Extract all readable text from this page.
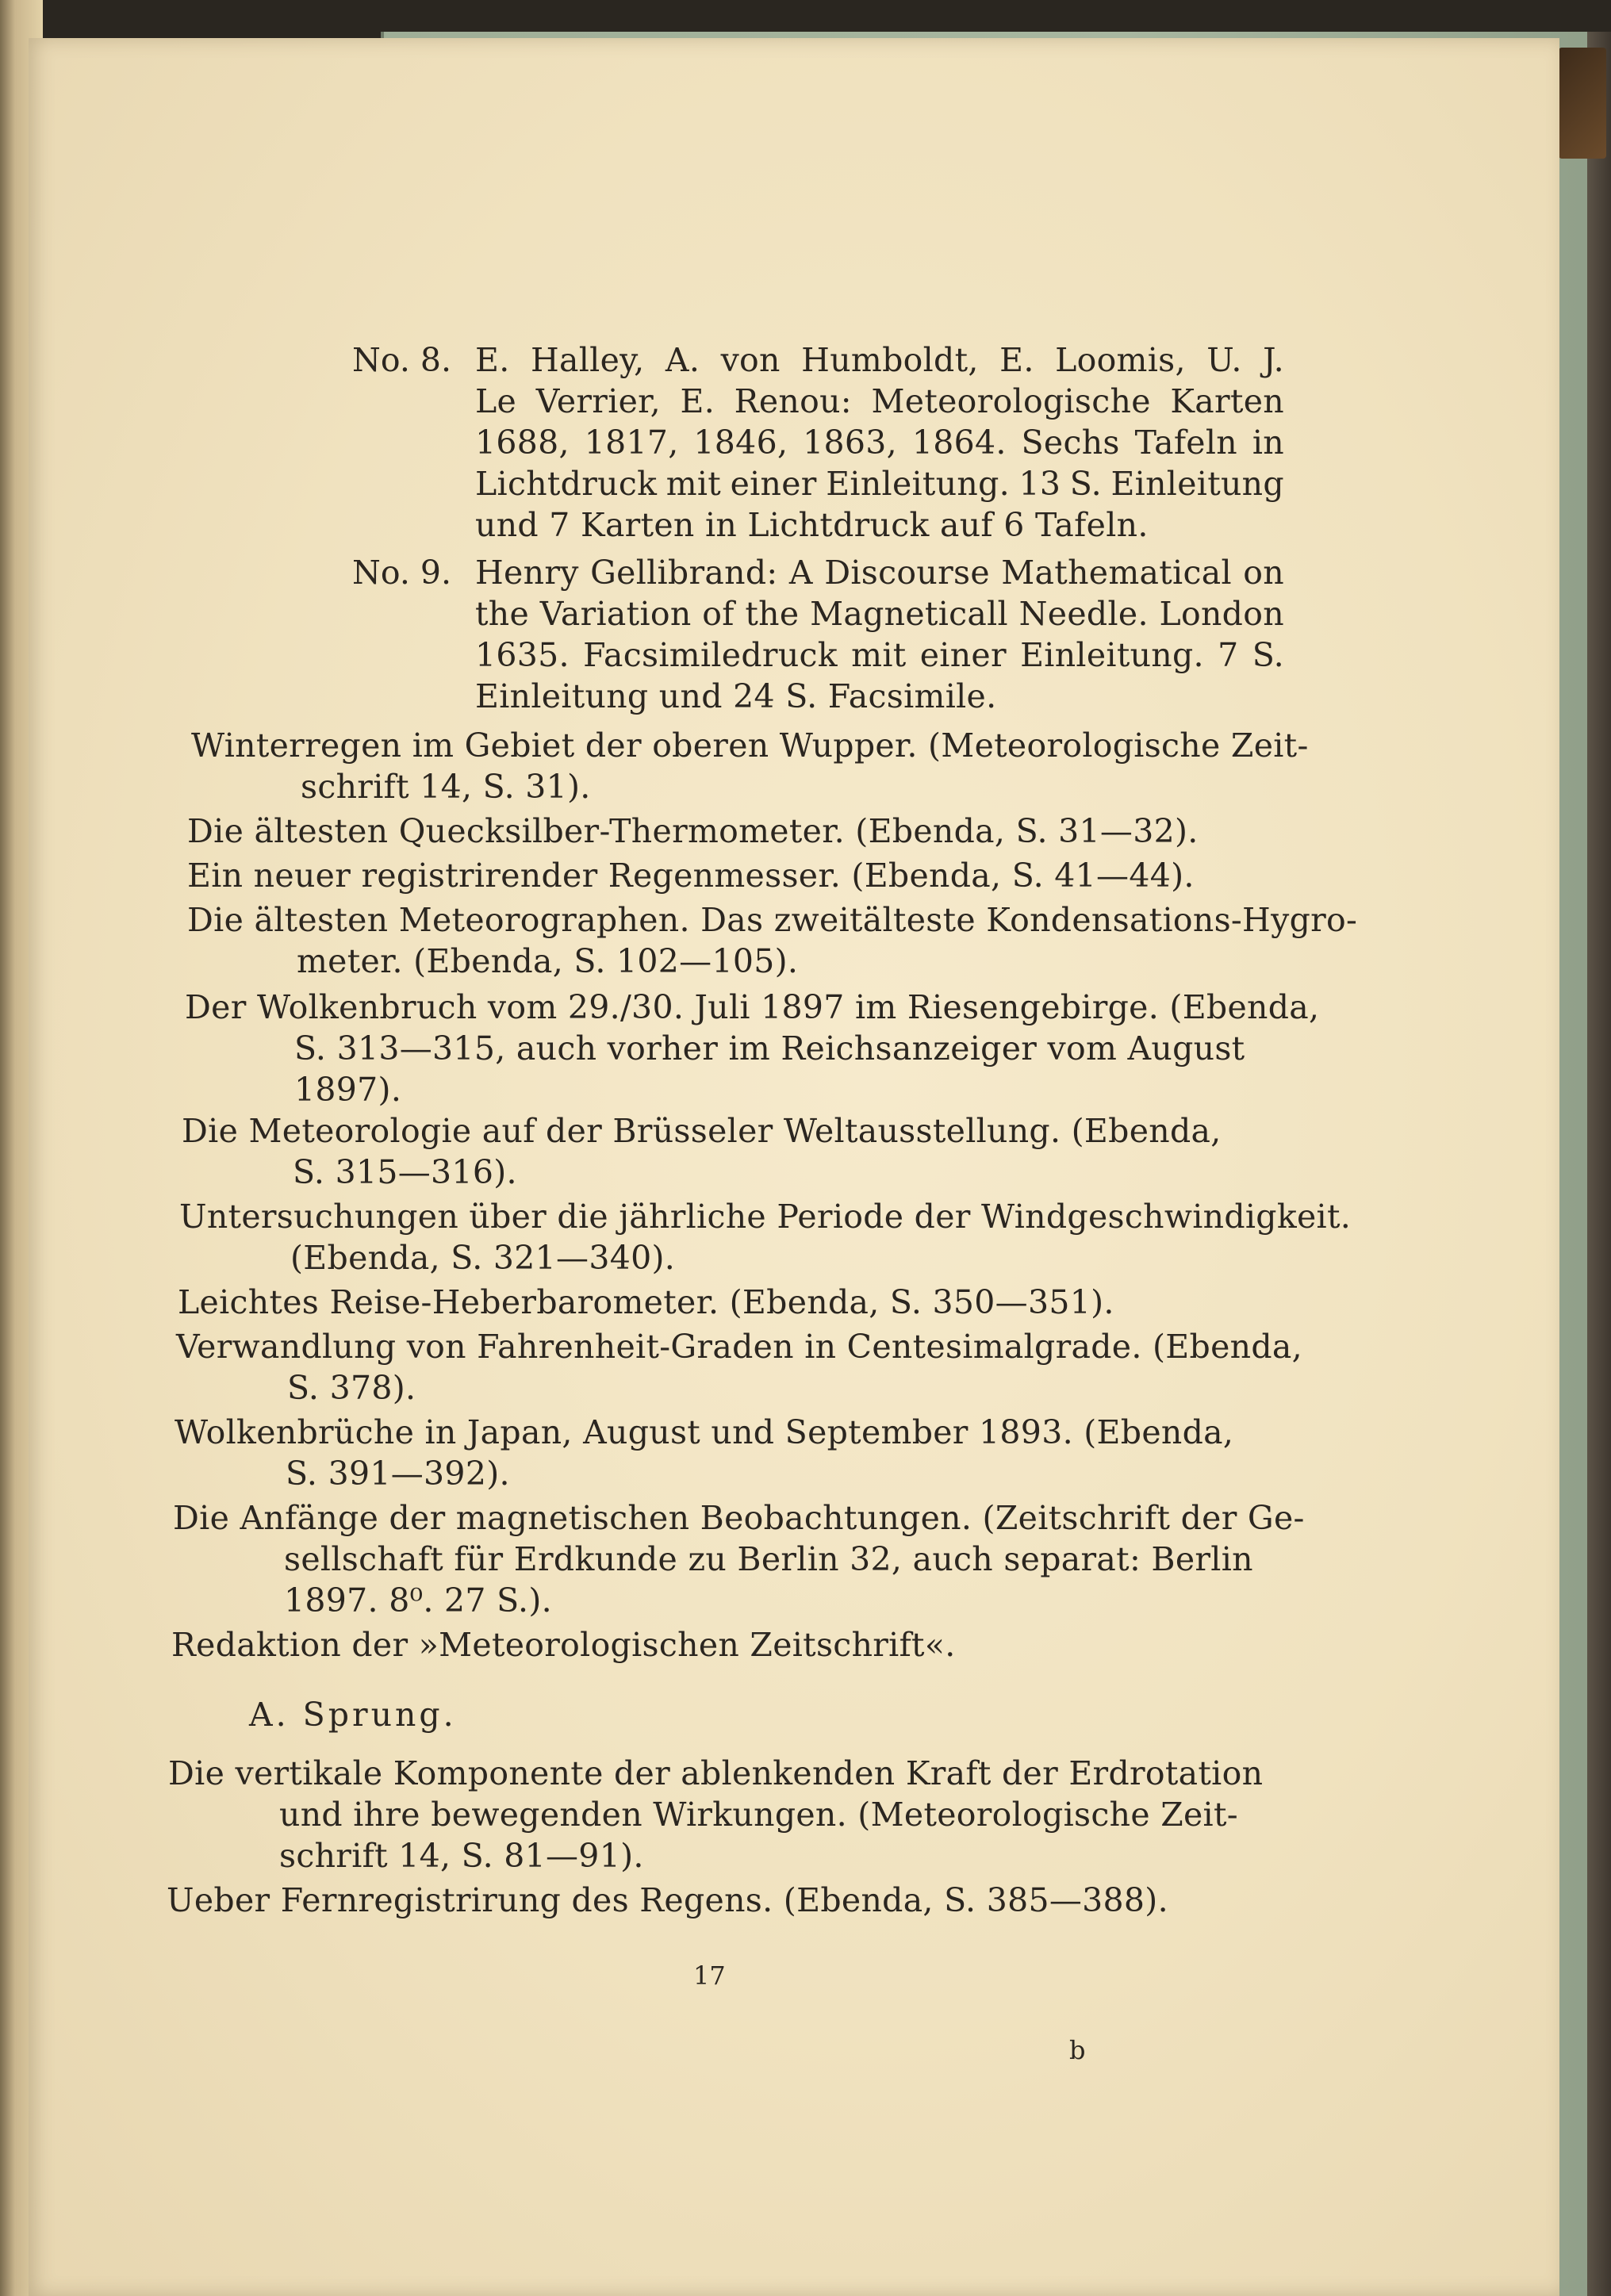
No. 8. E. Halley, A. von Humboldt, E. Loomis, U. J.
Le Verrier, E. Renou: Meteorologische Karten
1688, 1817, 1846, 1863, 1864. Sechs Tafeln in
Lichtdruck mit einer Einleitung. 13 S. Einleitung
und 7 Karten in Lichtdruck auf 6 Tafeln.
No. 9. Henry Gellibrand: A Discourse Mathematical on
the Variation of the Magneticall Needle. London
1635. Facsimiledruck mit einer Einleitung. 7 S.
Einleitung und 24 S. Facsimile.
Winterregen im Gebiet der oberen Wupper. (Meteorologische Zeit-
schrift 14, S. 31).
Die ältesten Quecksilber-Thermometer. (Ebenda, S. 31—32).
Ein neuer registrirender Regenmesser. (Ebenda, S. 41—44).
Die ältesten Meteorographen. Das zweitälteste Kondensations-Hygro-
meter. (Ebenda, S. 102—105).
Der Wolkenbruch vom 29./30. Juli 1897 im Riesengebirge. (Ebenda,
S. 313—315, auch vorher im Reichsanzeiger vom August
1897).
Die Meteorologie auf der Brüsseler Weltausstellung. (Ebenda,
S. 315—316).
Untersuchungen über die jährliche Periode der Windgeschwindigkeit.
(Ebenda, S. 321—340).
Leichtes Reise-Heberbarometer. (Ebenda, S. 350—351).
Verwandlung von Fahrenheit-Graden in Centesimalgrade. (Ebenda,
S. 378).
Wolkenbrüche in Japan, August und September 1893. (Ebenda,
S. 391—392).
Die Anfänge der magnetischen Beobachtungen. (Zeitschrift der Ge-
sellschaft für Erdkunde zu Berlin 32, auch separat: Berlin
1897. 8⁰. 27 S.).
Redaktion der »Meteorologischen Zeitschrift«.
A. Sprung.
Die vertikale Komponente der ablenkenden Kraft der Erdrotation
und ihre bewegenden Wirkungen. (Meteorologische Zeit-
schrift 14, S. 81—91).
Ueber Fernregistrirung des Regens. (Ebenda, S. 385—388).
17
b
